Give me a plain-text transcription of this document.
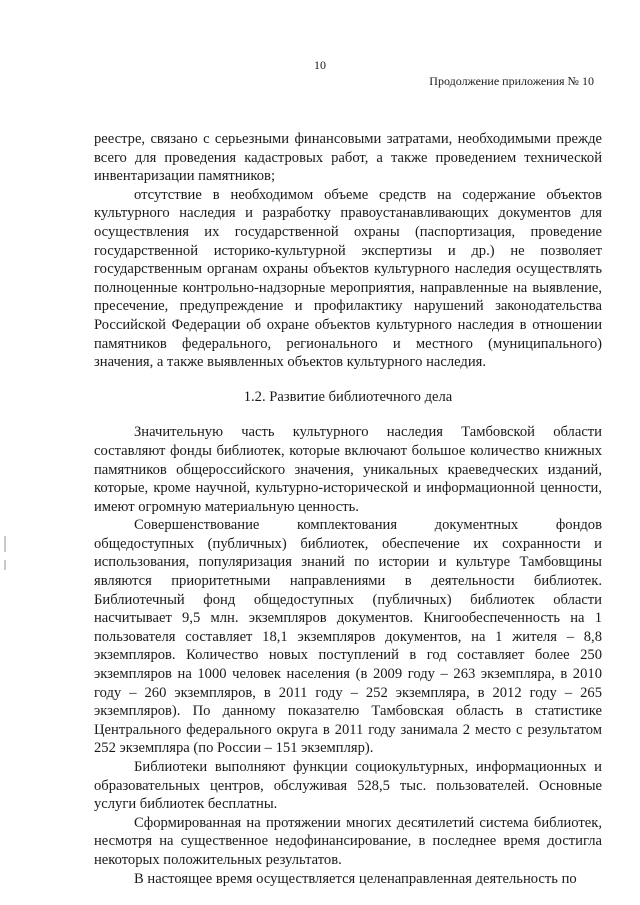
10
Продолжение приложения № 10

реестре, связано с серьезными финансовыми затратами, необходимыми прежде всего для проведения кадастровых работ, а также проведением технической инвентаризации памятников;

отсутствие в необходимом объеме средств на содержание объектов культурного наследия и разработку правоустанавливающих документов для осуществления их государственной охраны (паспортизация, проведение государственной историко-культурной экспертизы и др.) не позволяет государственным органам охраны объектов культурного наследия осуществлять полноценные контрольно-надзорные мероприятия, направленные на выявление, пресечение, предупреждение и профилактику нарушений законодательства Российской Федерации об охране объектов культурного наследия в отношении памятников федерального, регионального и местного (муниципального) значения, а также выявленных объектов культурного наследия.

1.2. Развитие библиотечного дела

Значительную часть культурного наследия Тамбовской области составляют фонды библиотек, которые включают большое количество книжных памятников общероссийского значения, уникальных краеведческих изданий, которые, кроме научной, культурно-исторической и информационной ценности, имеют огромную материальную ценность.

Совершенствование комплектования документных фондов общедоступных (публичных) библиотек, обеспечение их сохранности и использования, популяризация знаний по истории и культуре Тамбовщины являются приоритетными направлениями в деятельности библиотек. Библиотечный фонд общедоступных (публичных) библиотек области насчитывает 9,5 млн. экземпляров документов. Книгообеспеченность на 1 пользователя составляет 18,1 экземпляров документов, на 1 жителя – 8,8 экземпляров. Количество новых поступлений в год составляет более 250 экземпляров на 1000 человек населения (в 2009 году – 263 экземпляра, в 2010 году – 260 экземпляров, в 2011 году – 252 экземпляра, в 2012 году – 265 экземпляров). По данному показателю Тамбовская область в статистике Центрального федерального округа в 2011 году занимала 2 место с результатом 252 экземпляра (по России – 151 экземпляр).

Библиотеки выполняют функции социокультурных, информационных и образовательных центров, обслуживая 528,5 тыс. пользователей. Основные услуги библиотек бесплатны.

Сформированная на протяжении многих десятилетий система библиотек, несмотря на существенное недофинансирование, в последнее время достигла некоторых положительных результатов.

В настоящее время осуществляется целенаправленная деятельность по
